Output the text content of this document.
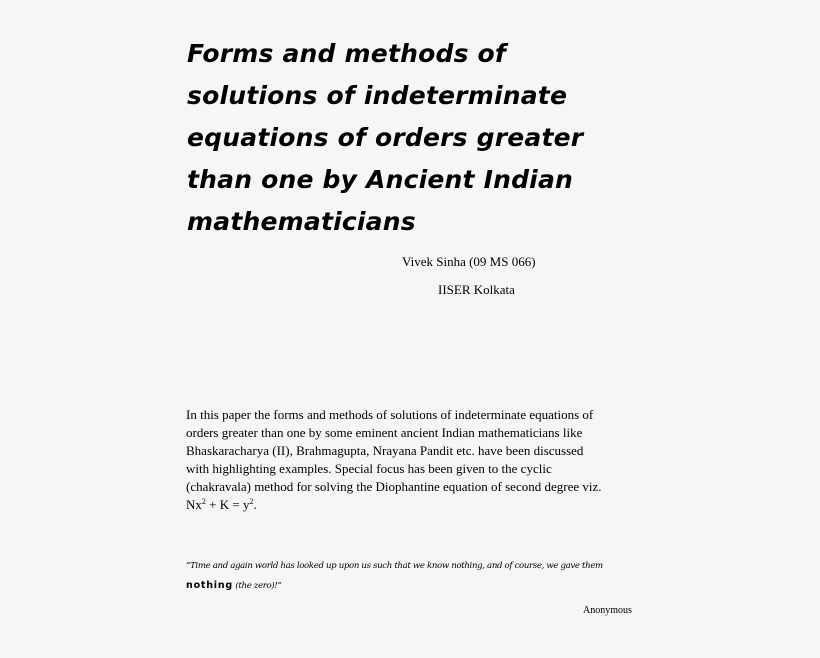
Forms and methods of
solutions of indeterminate
equations of orders greater
than one by Ancient Indian
mathematicians
Vivek Sinha (09 MS 066)
IISER Kolkata

In this paper the forms and methods of solutions of indeterminate equations of
orders greater than one by some eminent ancient Indian mathematicians like
Bhaskaracharya (II), Brahmagupta, Nrayana Pandit etc. have been discussed
with highlighting examples. Special focus has been given to the cyclic
(chakravala) method for solving the Diophantine equation of second degree viz.
$Nx^2 + K = y^2$.

“Time and again world has looked up upon us such that we know nothing, and of course, we gave them
nothing (the zero)!”
Anonymous
